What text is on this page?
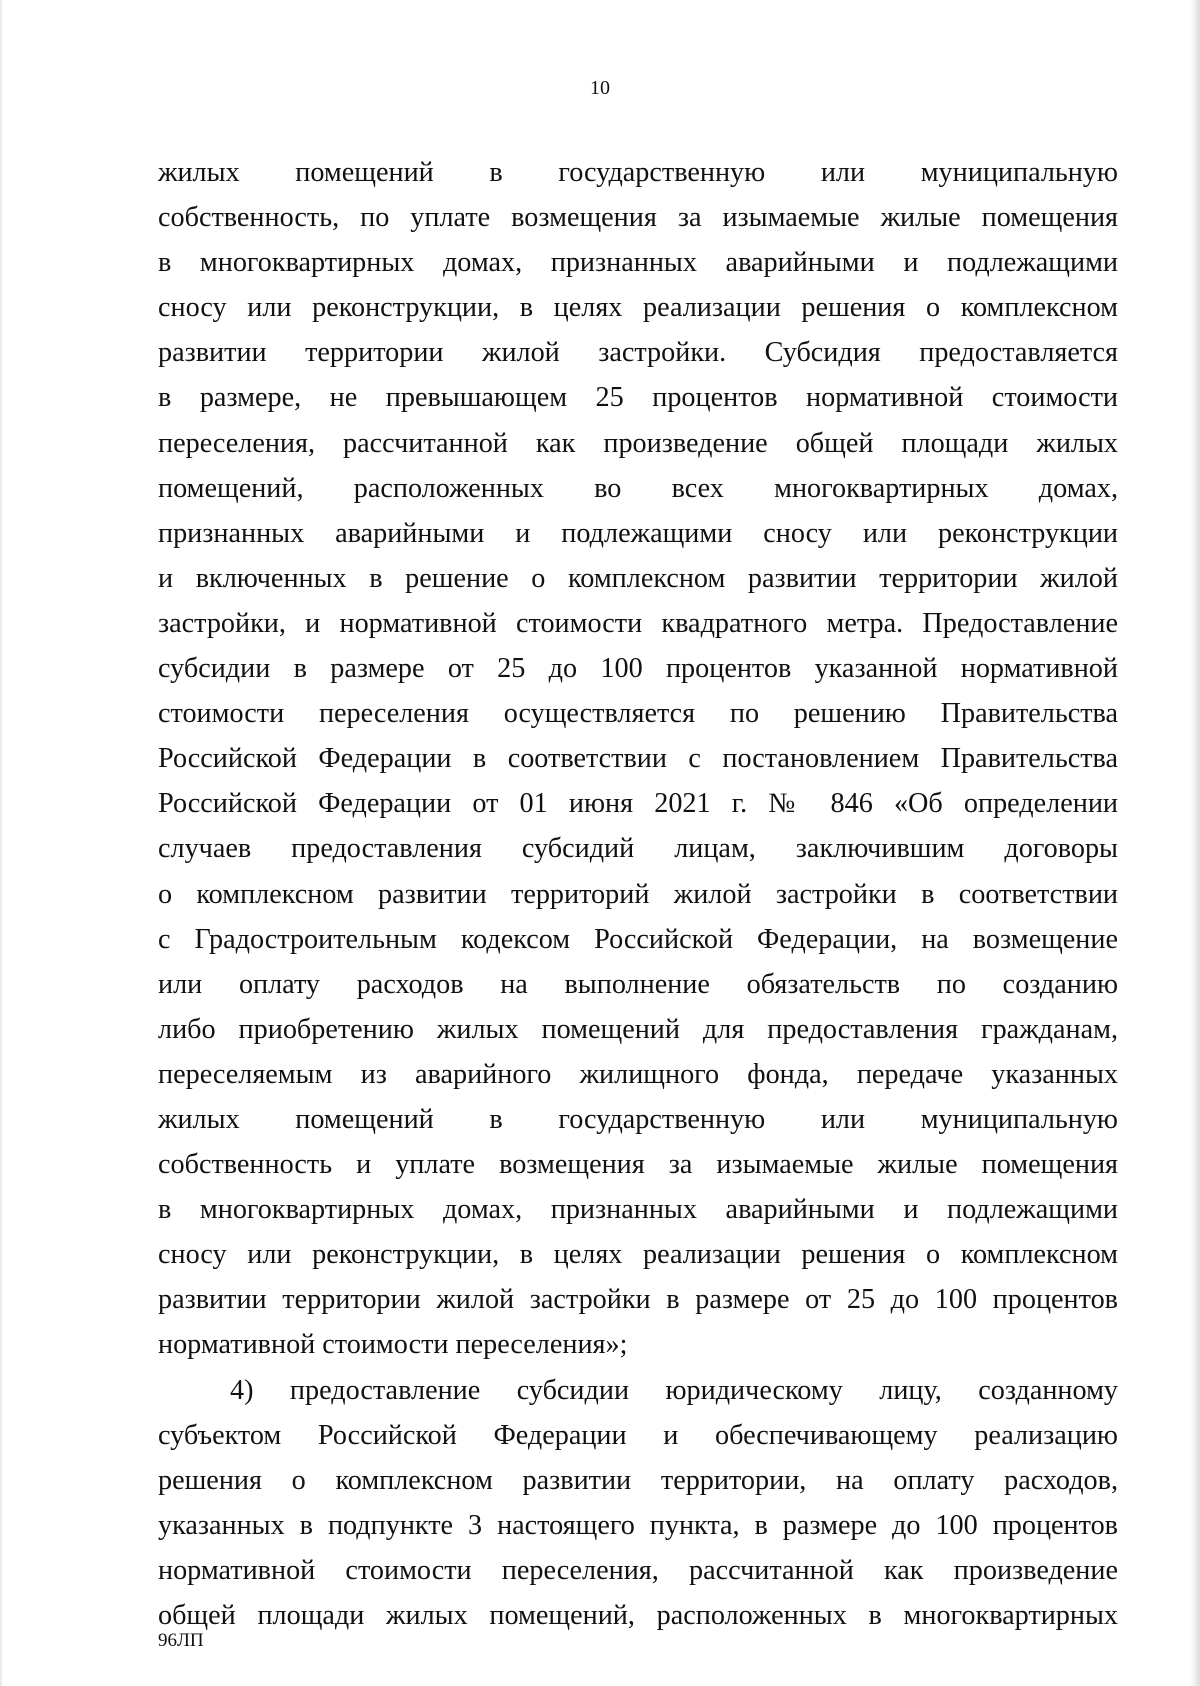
10
жилых помещений в государственную или муниципальную
собственность, по уплате возмещения за изымаемые жилые помещения
в многоквартирных домах, признанных аварийными и подлежащими
сносу или реконструкции, в целях реализации решения о комплексном
развитии территории жилой застройки. Субсидия предоставляется
в размере, не превышающем 25 процентов нормативной стоимости
переселения, рассчитанной как произведение общей площади жилых
помещений, расположенных во всех многоквартирных домах,
признанных аварийными и подлежащими сносу или реконструкции
и включенных в решение о комплексном развитии территории жилой
застройки, и нормативной стоимости квадратного метра. Предоставление
субсидии в размере от 25 до 100 процентов указанной нормативной
стоимости переселения осуществляется по решению Правительства
Российской Федерации в соответствии с постановлением Правительства
Российской Федерации от 01 июня 2021 г. № 846 «Об определении
случаев предоставления субсидий лицам, заключившим договоры
о комплексном развитии территорий жилой застройки в соответствии
с Градостроительным кодексом Российской Федерации, на возмещение
или оплату расходов на выполнение обязательств по созданию
либо приобретению жилых помещений для предоставления гражданам,
переселяемым из аварийного жилищного фонда, передаче указанных
жилых помещений в государственную или муниципальную
собственность и уплате возмещения за изымаемые жилые помещения
в многоквартирных домах, признанных аварийными и подлежащими
сносу или реконструкции, в целях реализации решения о комплексном
развитии территории жилой застройки в размере от 25 до 100 процентов
нормативной стоимости переселения»;
4) предоставление субсидии юридическому лицу, созданному
субъектом Российской Федерации и обеспечивающему реализацию
решения о комплексном развитии территории, на оплату расходов,
указанных в подпункте 3 настоящего пункта, в размере до 100 процентов
нормативной стоимости переселения, рассчитанной как произведение
общей площади жилых помещений, расположенных в многоквартирных
96ЛП
